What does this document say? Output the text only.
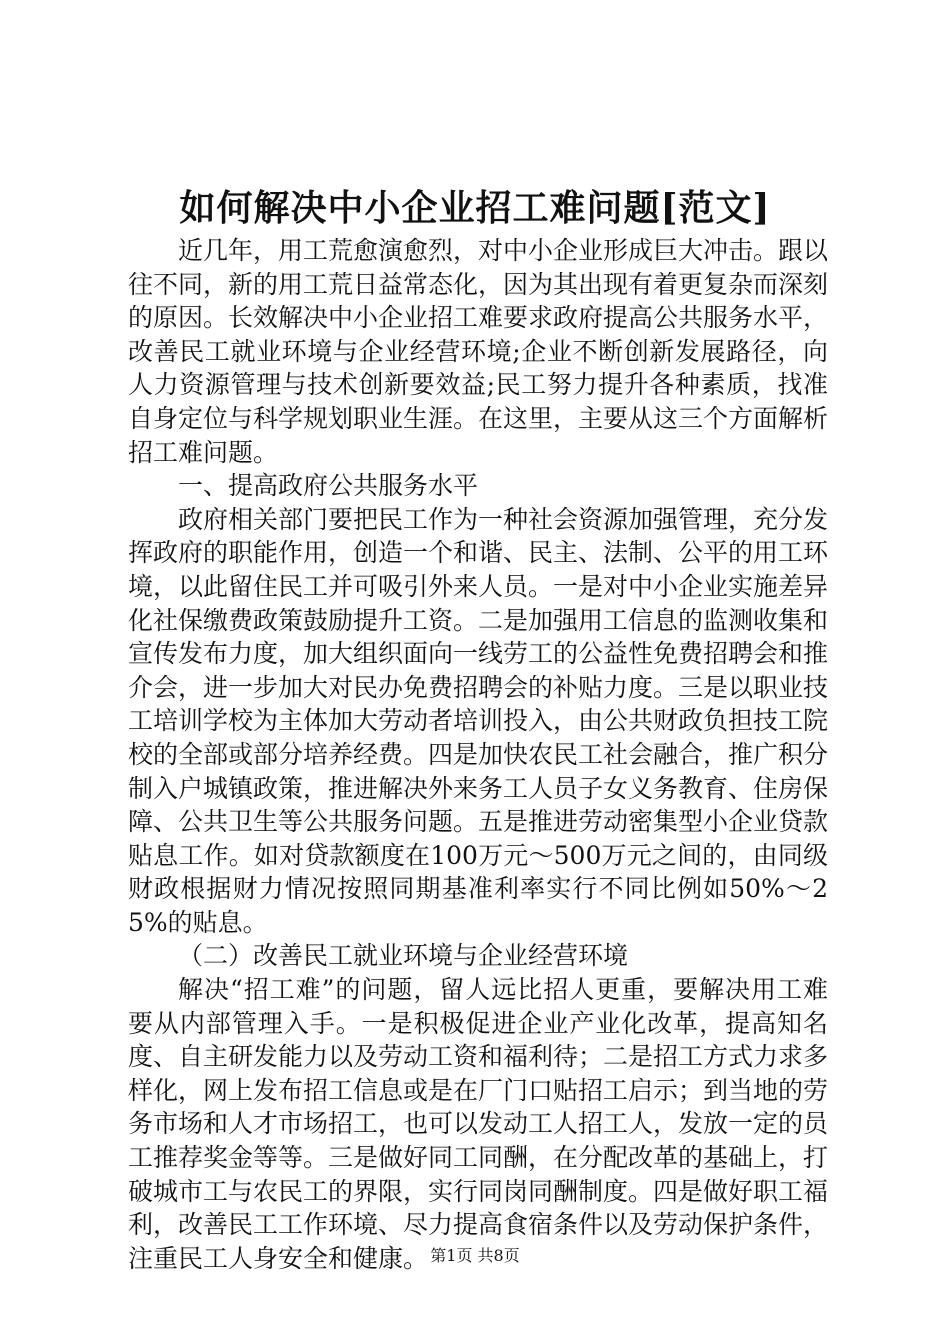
如何解决中小企业招工难问题[范文]

近几年，用工荒愈演愈烈，对中小企业形成巨大冲击。跟以往不同，新的用工荒日益常态化，因为其出现有着更复杂而深刻的原因。长效解决中小企业招工难要求政府提高公共服务水平，改善民工就业环境与企业经营环境;企业不断创新发展路径，向人力资源管理与技术创新要效益;民工努力提升各种素质，找准自身定位与科学规划职业生涯。在这里，主要从这三个方面解析招工难问题。

一、提高政府公共服务水平

政府相关部门要把民工作为一种社会资源加强管理，充分发挥政府的职能作用，创造一个和谐、民主、法制、公平的用工环境，以此留住民工并可吸引外来人员。一是对中小企业实施差异化社保缴费政策鼓励提升工资。二是加强用工信息的监测收集和宣传发布力度，加大组织面向一线劳工的公益性免费招聘会和推介会，进一步加大对民办免费招聘会的补贴力度。三是以职业技工培训学校为主体加大劳动者培训投入，由公共财政负担技工院校的全部或部分培养经费。四是加快农民工社会融合，推广积分制入户城镇政策，推进解决外来务工人员子女义务教育、住房保障、公共卫生等公共服务问题。五是推进劳动密集型小企业贷款贴息工作。如对贷款额度在100万元～500万元之间的，由同级财政根据财力情况按照同期基准利率实行不同比例如50%～25%的贴息。

（二）改善民工就业环境与企业经营环境

解决“招工难”的问题，留人远比招人更重，要解决用工难要从内部管理入手。一是积极促进企业产业化改革，提高知名度、自主研发能力以及劳动工资和福利待；二是招工方式力求多样化，网上发布招工信息或是在厂门口贴招工启示；到当地的劳务市场和人才市场招工，也可以发动工人招工人，发放一定的员工推荐奖金等等。三是做好同工同酬，在分配改革的基础上，打破城市工与农民工的界限，实行同岗同酬制度。四是做好职工福利，改善民工工作环境、尽力提高食宿条件以及劳动保护条件，注重民工人身安全和健康。 第1页 共8页
